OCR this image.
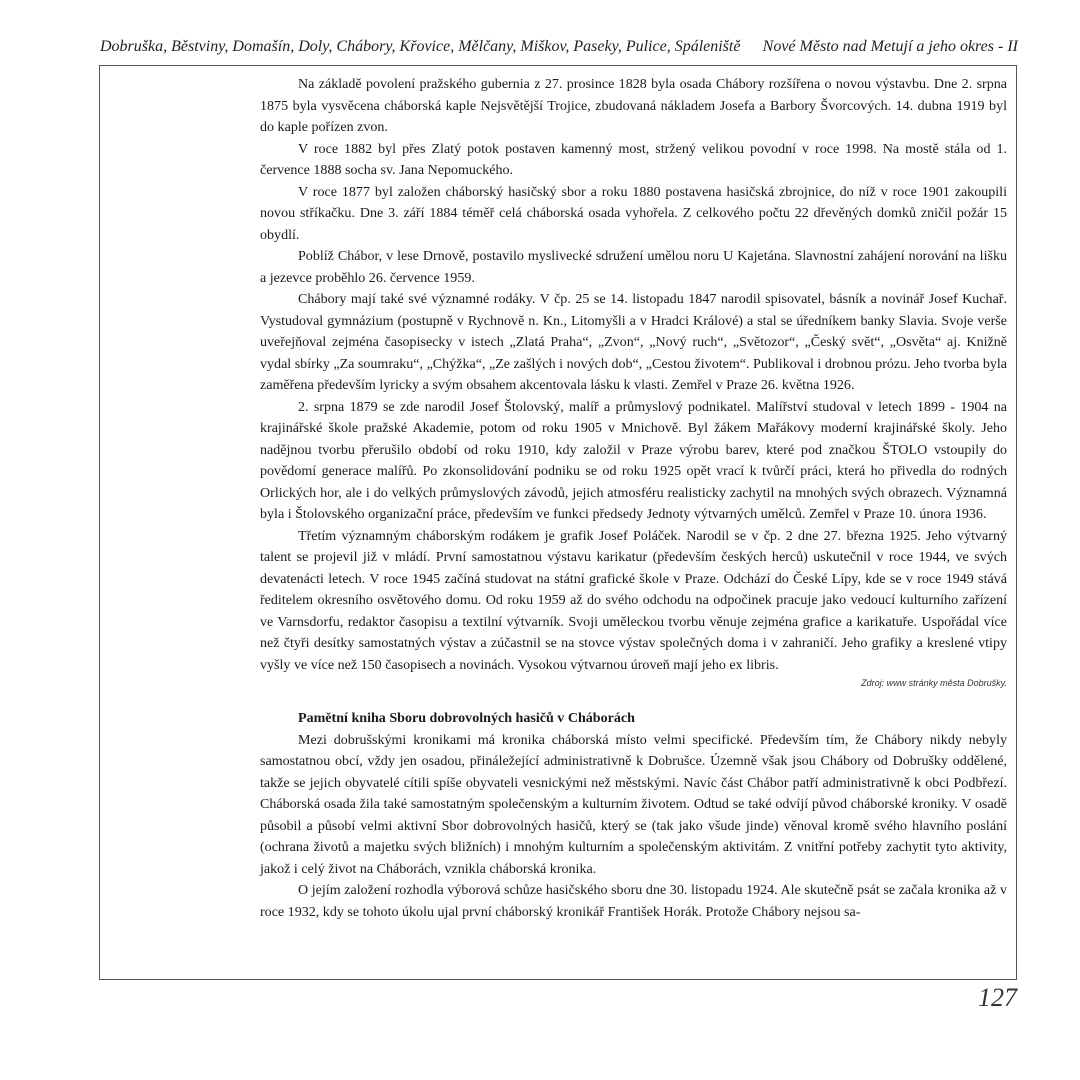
Dobruška, Běstviny, Domašín, Doly, Chábory, Křovice, Mělčany, Miškov, Paseky, Pulice, Spáleniště Nové Město nad Metují a jeho okres - II

Na základě povolení pražského gubernia z 27. prosince 1828 byla osada Chábory rozšířena o novou výstavbu. Dne 2. srpna 1875 byla vysvěcena cháborská kaple Nejsvětější Trojice, zbudovaná nákladem Josefa a Barbory Švorcových. 14. dubna 1919 byl do kaple pořízen zvon.

V roce 1882 byl přes Zlatý potok postaven kamenný most, stržený velikou povodní v roce 1998. Na mostě stála od 1. července 1888 socha sv. Jana Nepomuckého.

V roce 1877 byl založen cháborský hasičský sbor a roku 1880 postavena hasičská zbrojnice, do níž v roce 1901 zakoupili novou stříkačku. Dne 3. září 1884 téměř celá cháborská osada vyhořela. Z celkového počtu 22 dřevěných domků zničil požár 15 obydlí.

Poblíž Chábor, v lese Drnově, postavilo myslivecké sdružení umělou noru U Kajetána. Slavnostní zahájení norování na lišku a jezevce proběhlo 26. července 1959.

Chábory mají také své významné rodáky. V čp. 25 se 14. listopadu 1847 narodil spisovatel, básník a novinář Josef Kuchař. Vystudoval gymnázium (postupně v Rychnově n. Kn., Litomyšli a v Hradci Králové) a stal se úředníkem banky Slavia. Svoje verše uveřejňoval zejména časopisecky v istech „Zlatá Praha“, „Zvon“, „Nový ruch“, „Světozor“, „Český svět“, „Osvěta“ aj. Knižně vydal sbírky „Za soumraku“, „Chýžka“, „Ze zašlých i nových dob“, „Cestou životem“. Publikoval i drobnou prózu. Jeho tvorba byla zaměřena především lyricky a svým obsahem akcentovala lásku k vlasti. Zemřel v Praze 26. května 1926.

2. srpna 1879 se zde narodil Josef Štolovský, malíř a průmyslový podnikatel. Malířství studoval v letech 1899 - 1904 na krajinářské škole pražské Akademie, potom od roku 1905 v Mnichově. Byl žákem Mařákovy moderní krajinářské školy. Jeho nadějnou tvorbu přerušilo období od roku 1910, kdy založil v Praze výrobu barev, které pod značkou ŠTOLO vstoupily do povědomí generace malířů. Po zkonsolidování podniku se od roku 1925 opět vrací k tvůrčí práci, která ho přivedla do rodných Orlických hor, ale i do velkých průmyslových závodů, jejich atmosféru realisticky zachytil na mnohých svých obrazech. Významná byla i Štolovského organizační práce, především ve funkci předsedy Jednoty výtvarných umělců. Zemřel v Praze 10. února 1936.

Třetím významným cháborským rodákem je grafik Josef Poláček. Narodil se v čp. 2 dne 27. března 1925. Jeho výtvarný talent se projevil již v mládí. První samostatnou výstavu karikatur (především českých herců) uskutečnil v roce 1944, ve svých devatenácti letech. V roce 1945 začíná studovat na státní grafické škole v Praze. Odchází do České Lípy, kde se v roce 1949 stává ředitelem okresního osvětového domu. Od roku 1959 až do svého odchodu na odpočinek pracuje jako vedoucí kulturního zařízení ve Varnsdorfu, redaktor časopisu a textilní výtvarník. Svoji uměleckou tvorbu věnuje zejména grafice a karikatuře. Uspořádal více než čtyři desítky samostatných výstav a zúčastnil se na stovce výstav společných doma i v zahraničí. Jeho grafiky a kreslené vtipy vyšly ve více než 150 časopisech a novinách. Vysokou výtvarnou úroveň mají jeho ex libris.

Zdroj: www stránky města Dobrušky.

Pamětní kniha Sboru dobrovolných hasičů v Cháborách

Mezi dobrušskými kronikami má kronika cháborská místo velmi specifické. Především tím, že Chábory nikdy nebyly samostatnou obcí, vždy jen osadou, přináležející administrativně k Dobrušce. Územně však jsou Chábory od Dobrušky oddělené, takže se jejich obyvatelé cítili spíše obyvateli vesnickými než městskými. Navíc část Chábor patří administrativně k obci Podbřezí. Cháborská osada žila také samostatným společenským a kulturním životem. Odtud se také odvíjí původ cháborské kroniky. V osadě působil a působí velmi aktivní Sbor dobrovolných hasičů, který se (tak jako všude jinde) věnoval kromě svého hlavního poslání (ochrana životů a majetku svých bližních) i mnohým kulturním a společenským aktivitám. Z vnitřní potřeby zachytit tyto aktivity, jakož i celý život na Cháborách, vznikla cháborská kronika.

O jejím založení rozhodla výborová schůze hasičského sboru dne 30. listopadu 1924. Ale skutečně psát se začala kronika až v roce 1932, kdy se tohoto úkolu ujal první cháborský kronikář František Horák. Protože Chábory nejsou sa-

127
